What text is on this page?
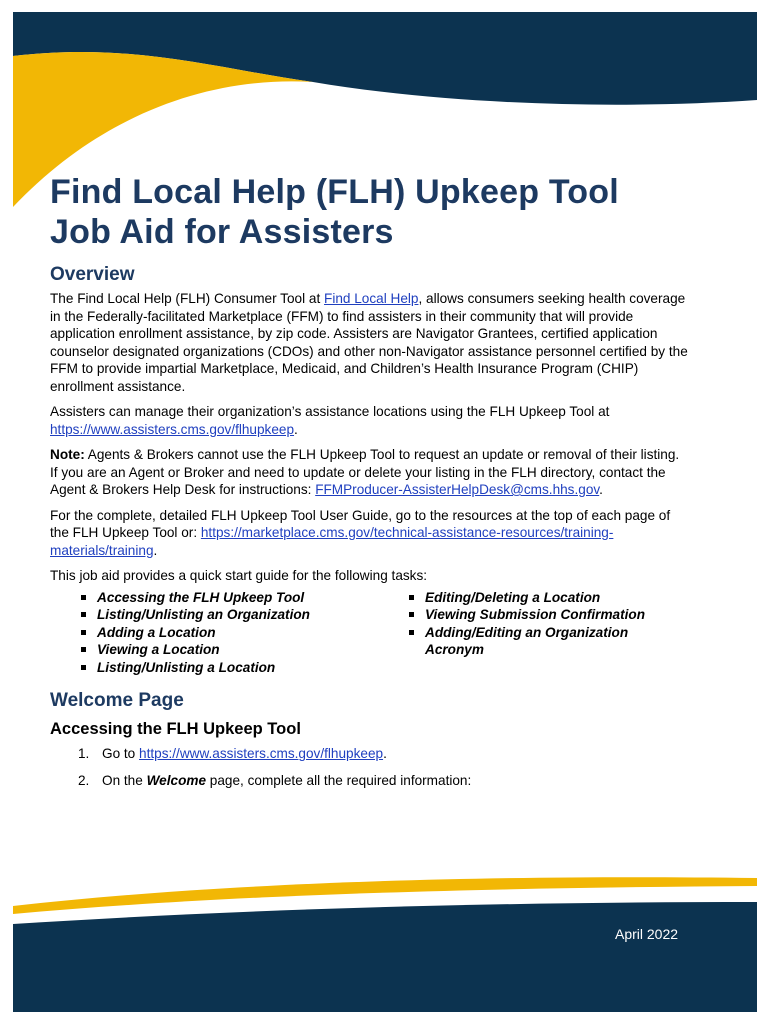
Find Local Help (FLH) Upkeep Tool
Job Aid for Assisters
Overview

The Find Local Help (FLH) Consumer Tool at Find Local Help, allows consumers seeking health coverage in the Federally-facilitated Marketplace (FFM) to find assisters in their community that will provide application enrollment assistance, by zip code. Assisters are Navigator Grantees, certified application counselor designated organizations (CDOs) and other non-Navigator assistance personnel certified by the FFM to provide impartial Marketplace, Medicaid, and Children’s Health Insurance Program (CHIP) enrollment assistance.

Assisters can manage their organization’s assistance locations using the FLH Upkeep Tool at https://www.assisters.cms.gov/flhupkeep.

Note: Agents & Brokers cannot use the FLH Upkeep Tool to request an update or removal of their listing. If you are an Agent or Broker and need to update or delete your listing in the FLH directory, contact the Agent & Brokers Help Desk for instructions: FFMProducer-AssisterHelpDesk@cms.hhs.gov.

For the complete, detailed FLH Upkeep Tool User Guide, go to the resources at the top of each page of the FLH Upkeep Tool or: https://marketplace.cms.gov/technical-assistance-resources/training-materials/training.

This job aid provides a quick start guide for the following tasks:

Accessing the FLH Upkeep Tool
Listing/Unlisting an Organization
Adding a Location
Viewing a Location
Listing/Unlisting a Location
Editing/Deleting a Location
Viewing Submission Confirmation
Adding/Editing an Organization Acronym
Welcome Page
Accessing the FLH Upkeep Tool
1. Go to https://www.assisters.cms.gov/flhupkeep.
2. On the Welcome page, complete all the required information:
April 2022
